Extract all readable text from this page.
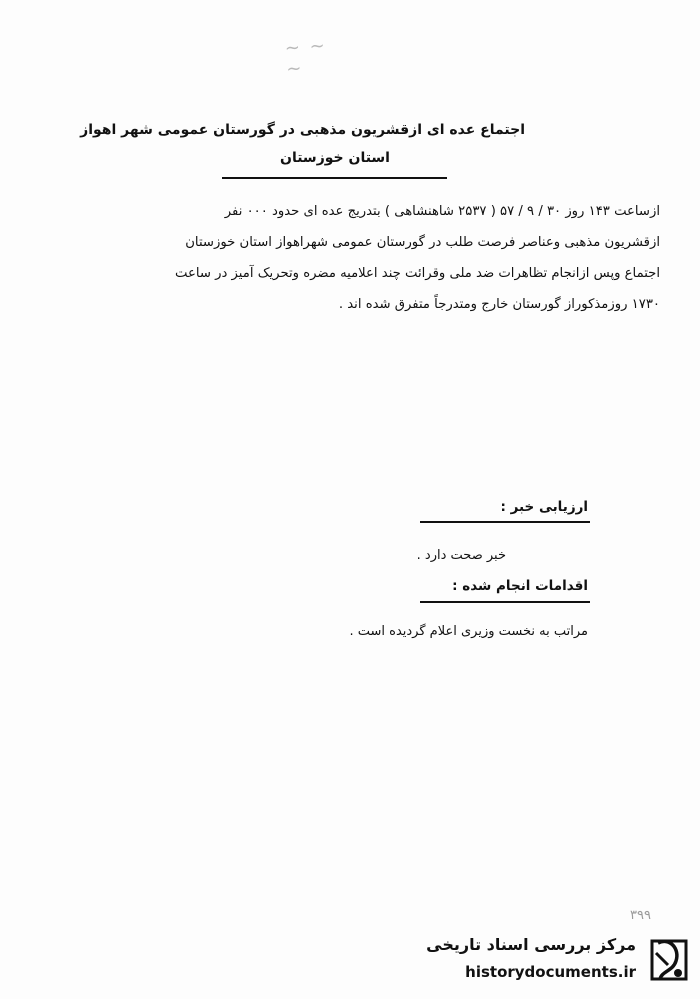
~ ~ ~
اجتماع عده ای ازقشریون مذهبی در گورستان عمومی شهر اهواز
استان خوزستان
ازساعت ۱۴۳ روز ۳۰ / ۹ / ۵۷ ( ۲۵۳۷ شاهنشاهی ) بتدریج عده ای حدود ۰۰۰ نفر
ازقشریون مذهبی وعناصر فرصت طلب در گورستان عمومی شهراهواز استان خوزستان
اجتماع وپس ازانجام تظاهرات ضد ملی وقرائت چند اعلامیه مضره وتحریک آمیز در ساعت
۱۷۳۰ روزمذکوراز گورستان خارج ومتدرجاً متفرق شده اند .
ارزیابی خبر :
خبر صحت دارد .
اقدامات انجام شده :
مراتب به نخست وزیری اعلام گردیده است .
۳۹۹
مرکز بررسی اسناد تاریخی
historydocuments.ir
